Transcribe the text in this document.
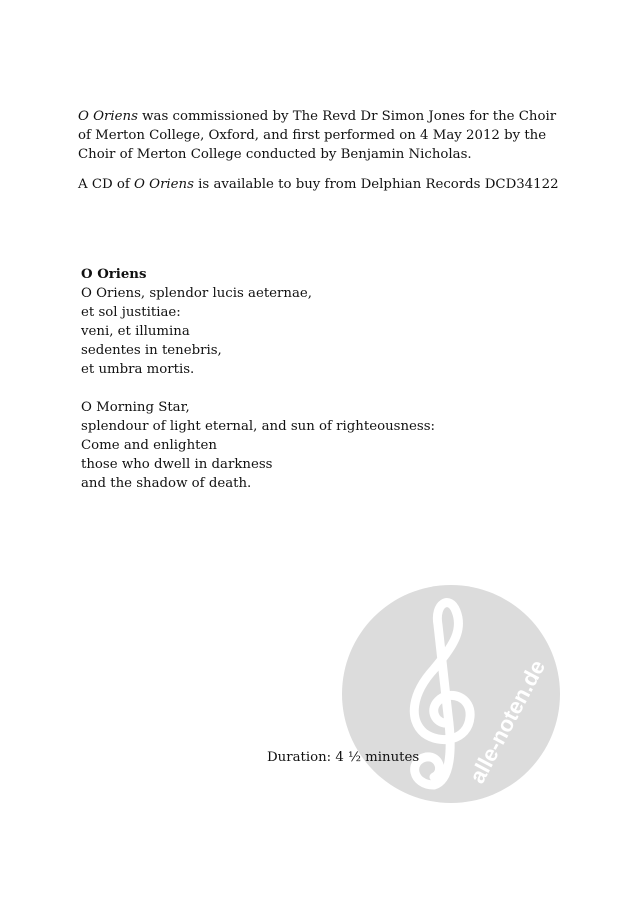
O Oriens was commissioned by The Revd Dr Simon Jones for the Choir of Merton College, Oxford, and first performed on 4 May 2012 by the Choir of Merton College conducted by Benjamin Nicholas.

A CD of O Oriens is available to buy from Delphian Records DCD34122

O Oriens
O Oriens, splendor lucis aeternae,
et sol justitiae:
veni, et illumina
sedentes in tenebris,
et umbra mortis.
O Morning Star,
splendour of light eternal, and sun of righteousness:
Come and enlighten
those who dwell in darkness
and the shadow of death.
alle-noten.de
Duration: 4 ½ minutes
